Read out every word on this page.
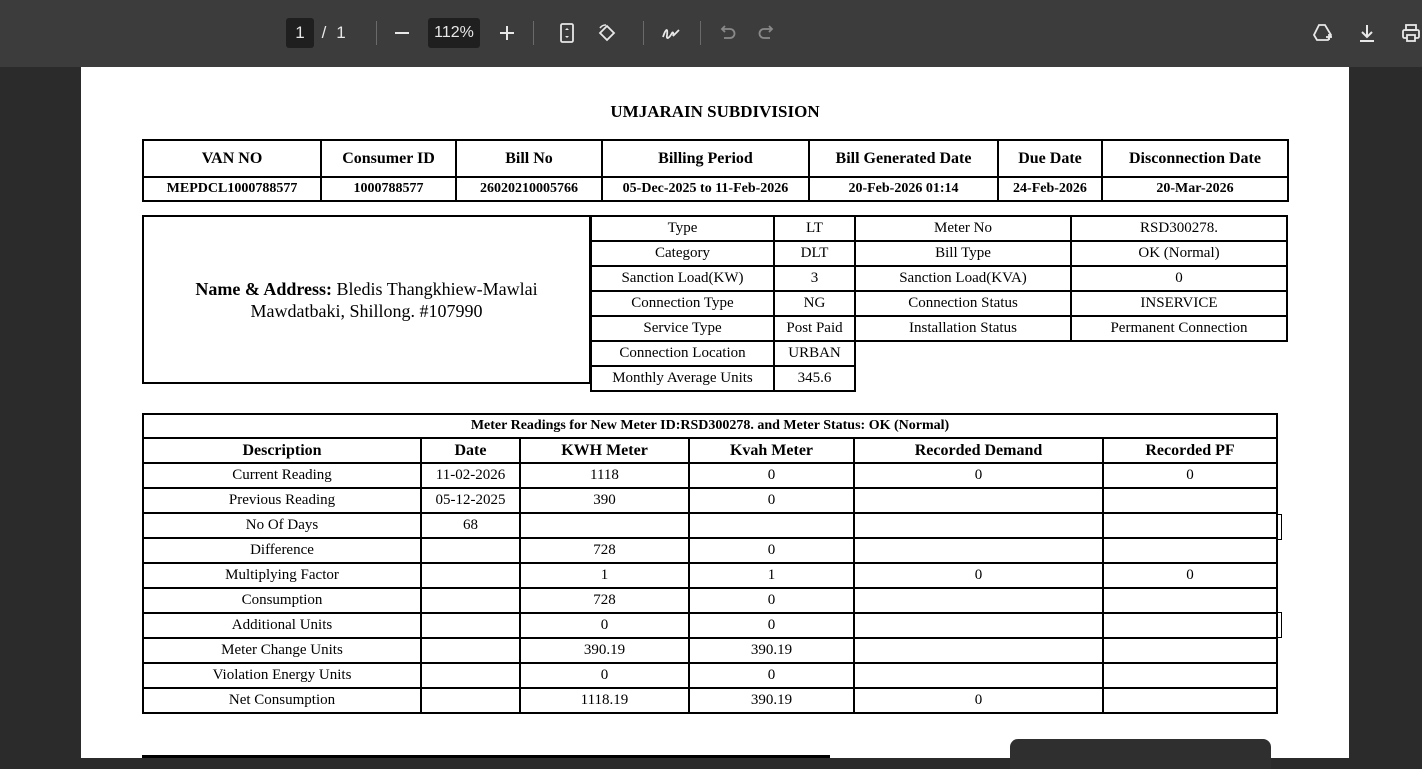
1 / 1	112%
UMJARAIN SUBDIVISION
VAN NO	Consumer ID	Bill No	Billing Period	Bill Generated Date	Due Date	Disconnection Date
MEPDCL1000788577	1000788577	26020210005766	05-Dec-2025 to 11-Feb-2026	20-Feb-2026 01:14	24-Feb-2026	20-Mar-2026
Name & Address: Bledis Thangkhiew-Mawlai Mawdatbaki, Shillong. #107990
Type	LT	Meter No	RSD300278.
Category	DLT	Bill Type	OK (Normal)
Sanction Load(KW)	3	Sanction Load(KVA)	0
Connection Type	NG	Connection Status	INSERVICE
Service Type	Post Paid	Installation Status	Permanent Connection
Connection Location	URBAN		
Monthly Average Units	345.6		
Meter Readings for New Meter ID:RSD300278. and Meter Status: OK (Normal)					
Description	Date	KWH Meter	Kvah Meter	Recorded Demand	Recorded PF
Current Reading	11-02-2026	1118	0	0	0
Previous Reading	05-12-2025	390	0		
No Of Days	68				
Difference		728	0		
Multiplying Factor		1	1	0	0
Consumption		728	0		
Additional Units		0	0		
Meter Change Units		390.19	390.19		
Violation Energy Units		0	0		
Net Consumption		1118.19	390.19	0	
